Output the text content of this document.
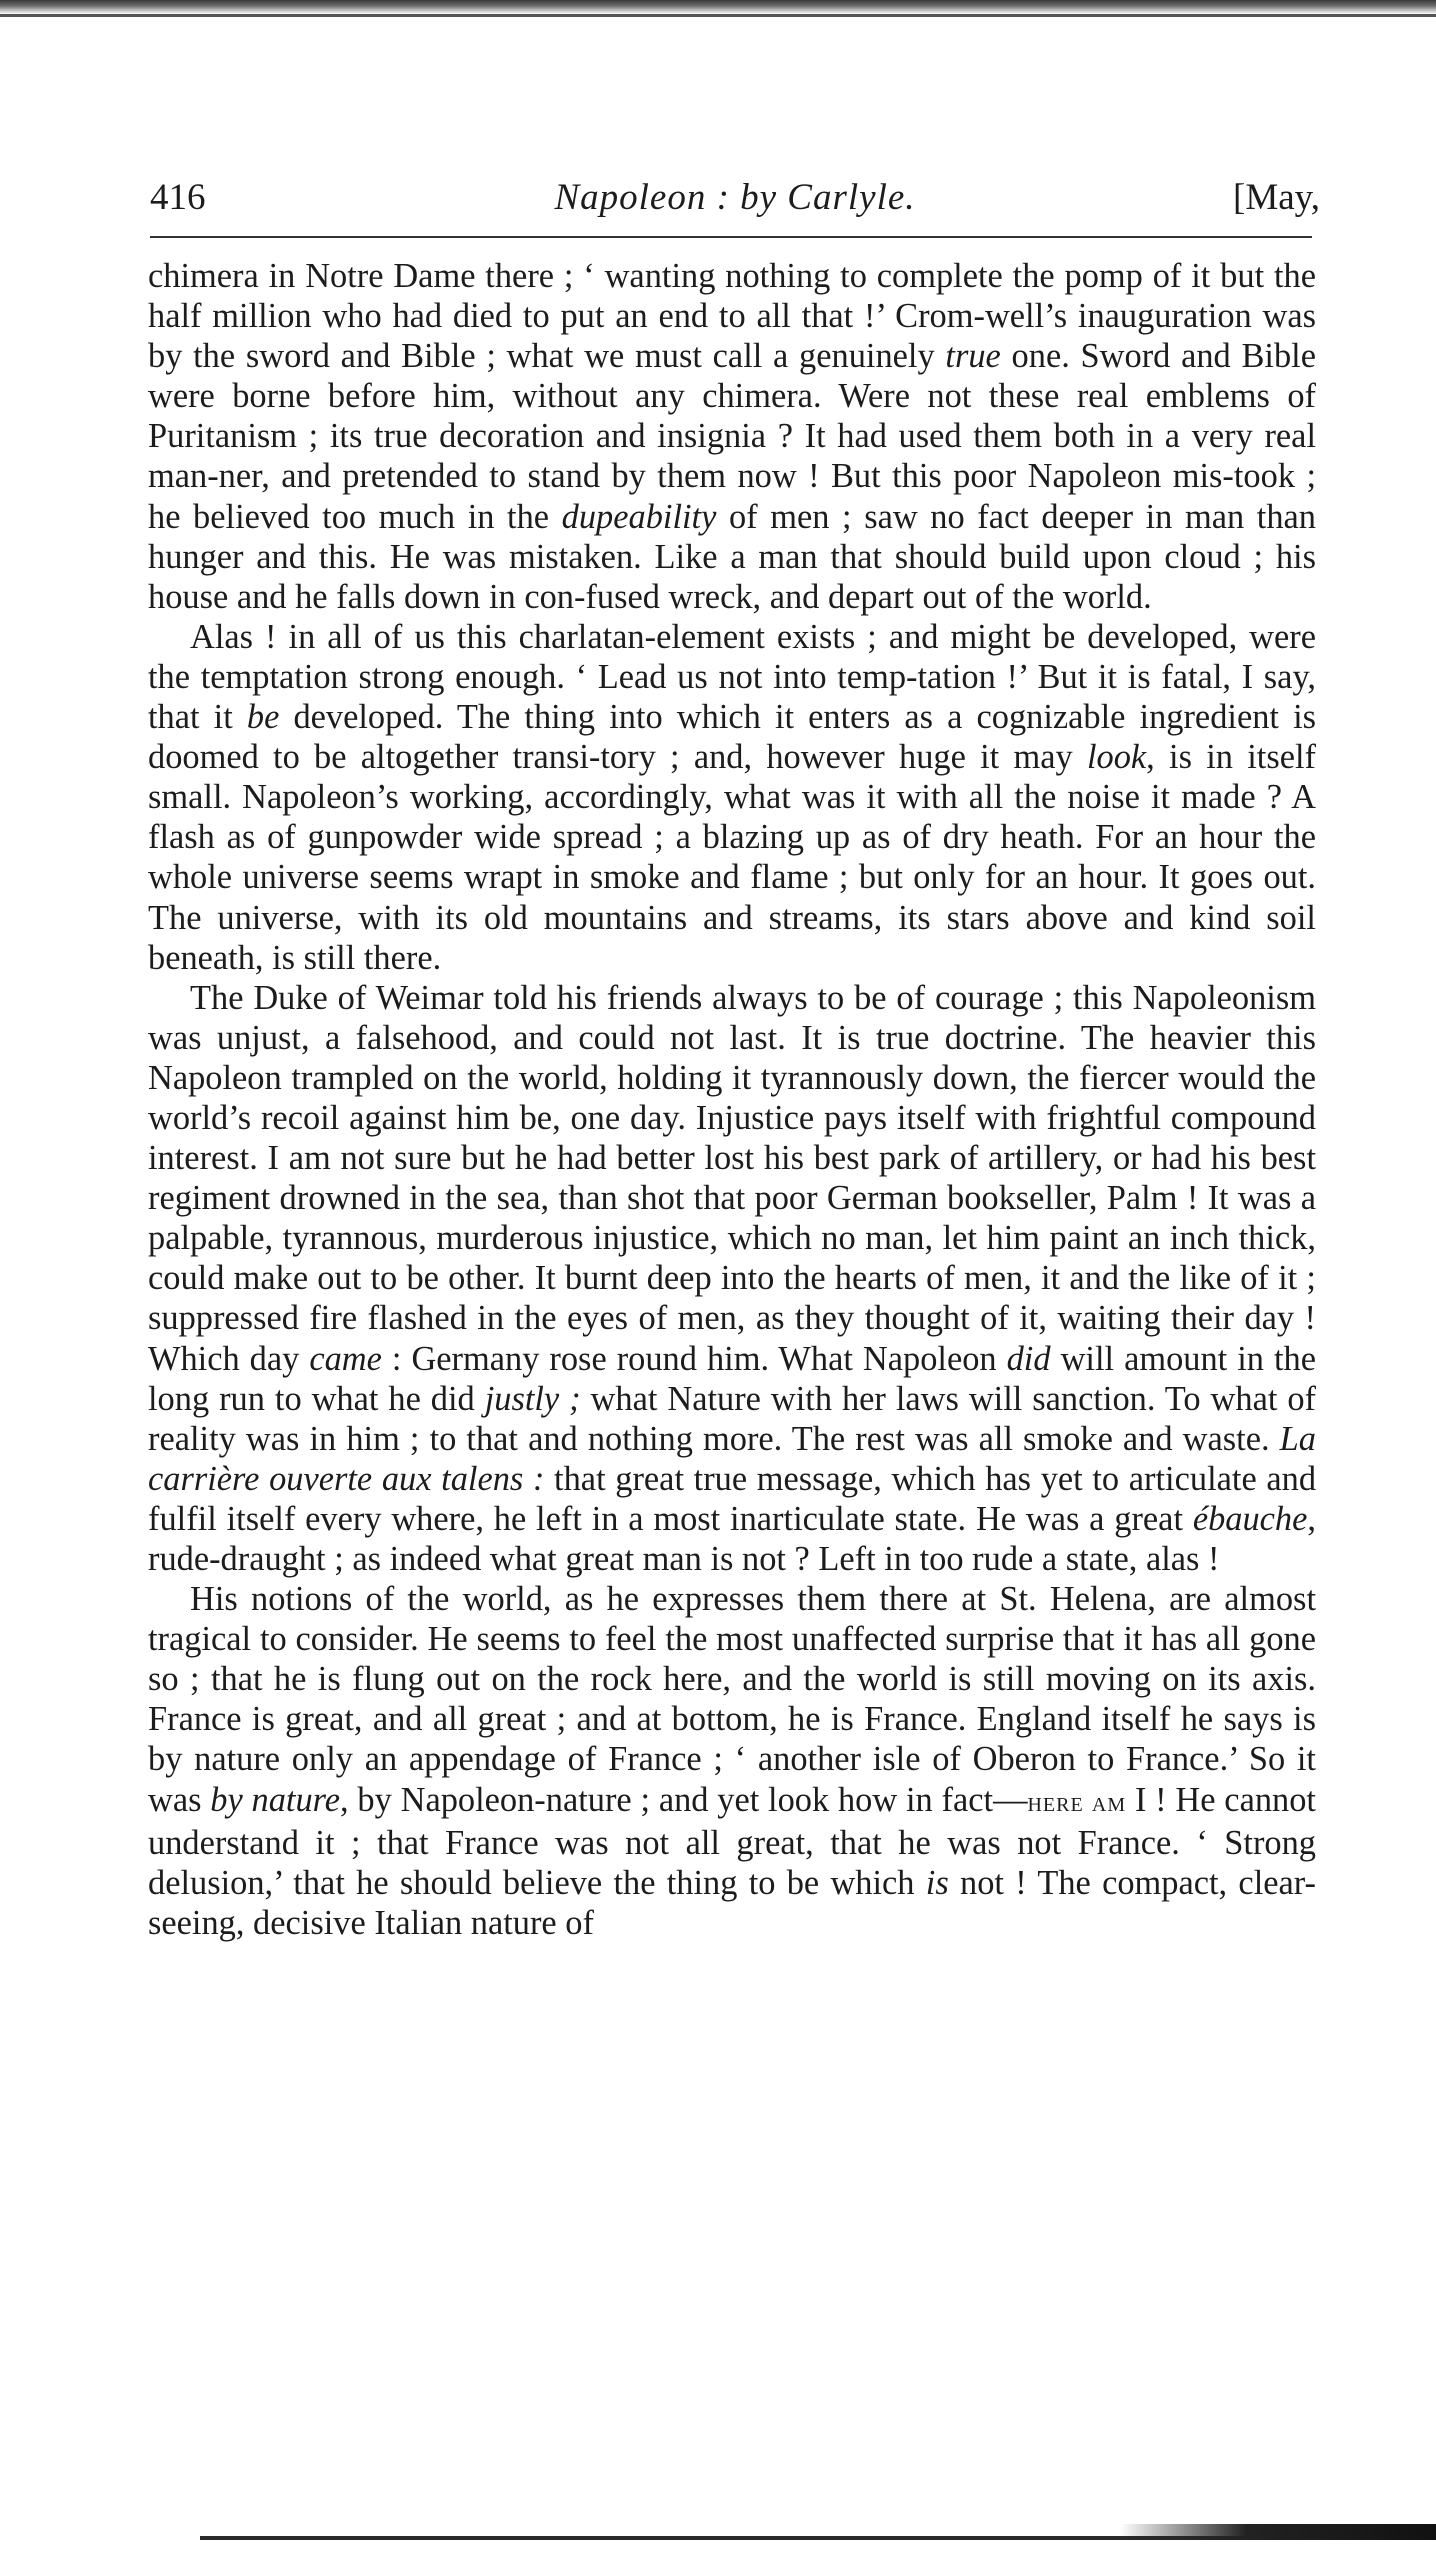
416	Napoleon : by Carlyle.	[May,

chimera in Notre Dame there ; ‘ wanting nothing to complete the pomp of it but the half million who had died to put an end to all that !’ Crom-well’s inauguration was by the sword and Bible ; what we must call a genuinely true one. Sword and Bible were borne before him, without any chimera. Were not these real emblems of Puritanism ; its true decoration and insignia ? It had used them both in a very real man-ner, and pretended to stand by them now ! But this poor Napoleon mis-took ; he believed too much in the dupeability of men ; saw no fact deeper in man than hunger and this. He was mistaken. Like a man that should build upon cloud ; his house and he falls down in con-fused wreck, and depart out of the world.

Alas ! in all of us this charlatan-element exists ; and might be developed, were the temptation strong enough. ‘ Lead us not into temp-tation !’ But it is fatal, I say, that it be developed. The thing into which it enters as a cognizable ingredient is doomed to be altogether transi-tory ; and, however huge it may look, is in itself small. Napoleon’s working, accordingly, what was it with all the noise it made ? A flash as of gunpowder wide spread ; a blazing up as of dry heath. For an hour the whole universe seems wrapt in smoke and flame ; but only for an hour. It goes out. The universe, with its old mountains and streams, its stars above and kind soil beneath, is still there.

The Duke of Weimar told his friends always to be of courage ; this Napoleonism was unjust, a falsehood, and could not last. It is true doctrine. The heavier this Napoleon trampled on the world, holding it tyrannously down, the fiercer would the world’s recoil against him be, one day. Injustice pays itself with frightful compound interest. I am not sure but he had better lost his best park of artillery, or had his best regiment drowned in the sea, than shot that poor German bookseller, Palm ! It was a palpable, tyrannous, murderous injustice, which no man, let him paint an inch thick, could make out to be other. It burnt deep into the hearts of men, it and the like of it ; suppressed fire flashed in the eyes of men, as they thought of it, waiting their day ! Which day came : Germany rose round him. What Napoleon did will amount in the long run to what he did justly ; what Nature with her laws will sanction. To what of reality was in him ; to that and nothing more. The rest was all smoke and waste. La carrière ouverte aux talens : that great true message, which has yet to articulate and fulfil itself every where, he left in a most inarticulate state. He was a great ébauche, rude-draught ; as indeed what great man is not ? Left in too rude a state, alas !

His notions of the world, as he expresses them there at St. Helena, are almost tragical to consider. He seems to feel the most unaffected surprise that it has all gone so ; that he is flung out on the rock here, and the world is still moving on its axis. France is great, and all great ; and at bottom, he is France. England itself he says is by nature only an appendage of France ; ‘ another isle of Oberon to France.’ So it was by nature, by Napoleon-nature ; and yet look how in fact—here am I ! He cannot understand it ; that France was not all great, that he was not France. ‘ Strong delusion,’ that he should believe the thing to be which is not ! The compact, clear-seeing, decisive Italian nature of
